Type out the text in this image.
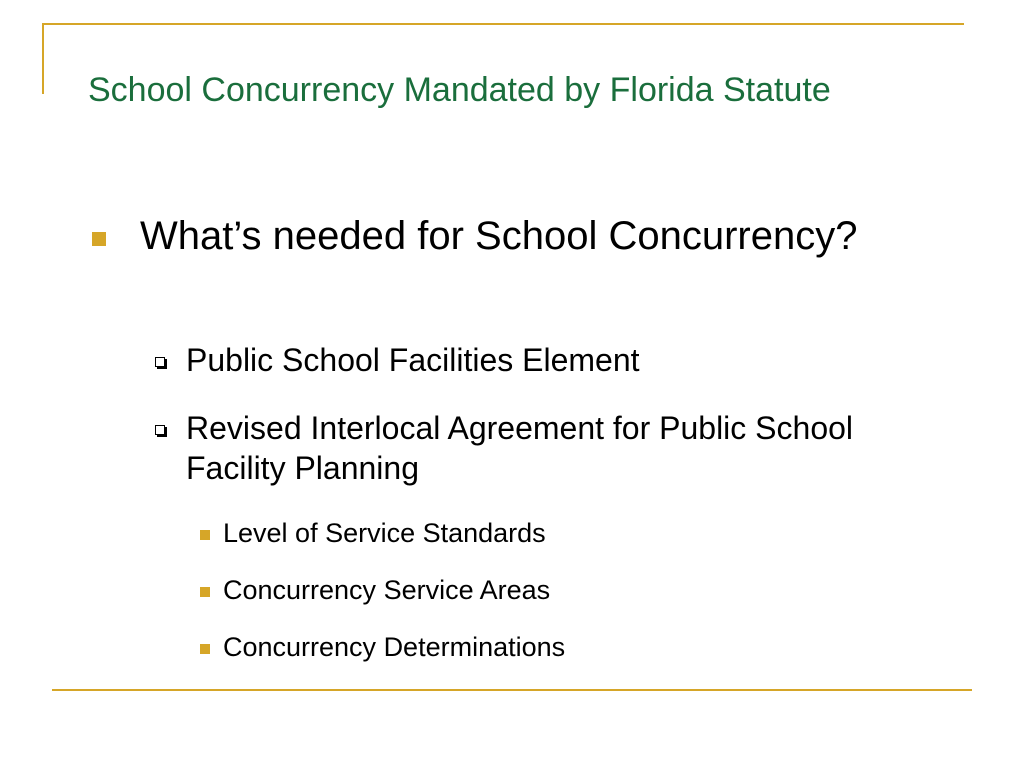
School Concurrency Mandated by Florida Statute

What’s needed for School Concurrency?

Public School Facilities Element

Revised Interlocal Agreement for Public School Facility Planning

Level of Service Standards

Concurrency Service Areas

Concurrency Determinations
